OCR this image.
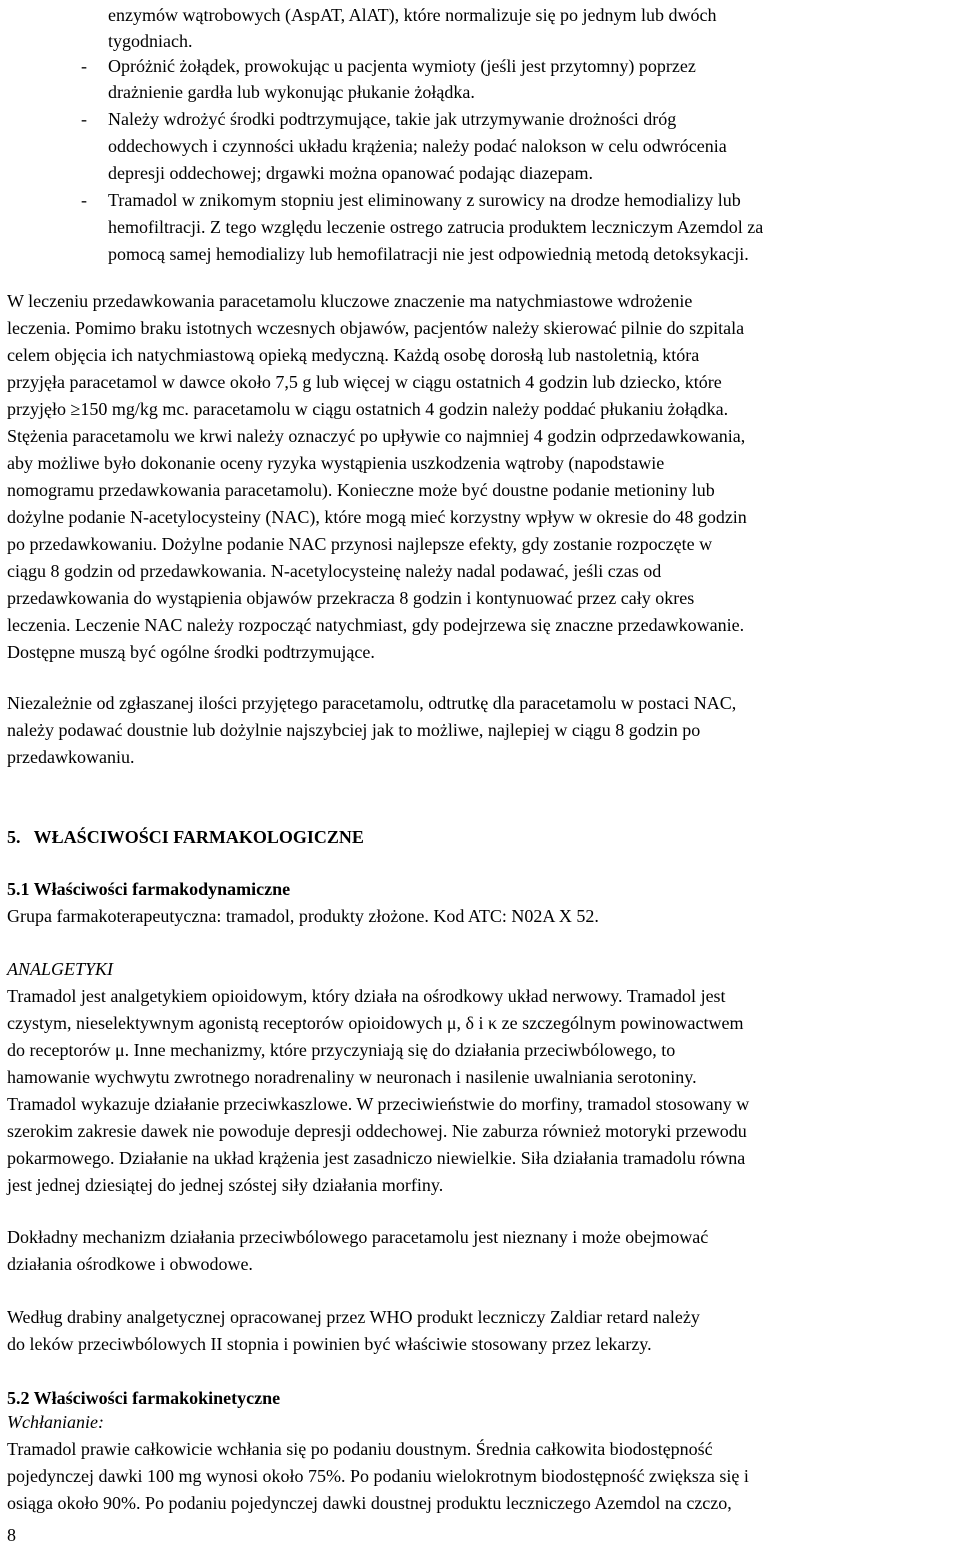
enzymów wątrobowych (AspAT, AlAT), które normalizuje się po jednym lub dwóch
tygodniach.
- Opróżnić żołądek, prowokując u pacjenta wymioty (jeśli jest przytomny) poprzez
drażnienie gardła lub wykonując płukanie żołądka.
- Należy wdrożyć środki podtrzymujące, takie jak utrzymywanie drożności dróg
oddechowych i czynności układu krążenia; należy podać nalokson w celu odwrócenia
depresji oddechowej; drgawki można opanować podając diazepam.
- Tramadol w znikomym stopniu jest eliminowany z surowicy na drodze hemodializy lub
hemofiltracji. Z tego względu leczenie ostrego zatrucia produktem leczniczym Azemdol za
pomocą samej hemodializy lub hemofilatracji nie jest odpowiednią metodą detoksykacji.
W leczeniu przedawkowania paracetamolu kluczowe znaczenie ma natychmiastowe wdrożenie
leczenia. Pomimo braku istotnych wczesnych objawów, pacjentów należy skierować pilnie do szpitala
celem objęcia ich natychmiastową opieką medyczną. Każdą osobę dorosłą lub nastoletnią, która
przyjęła paracetamol w dawce około 7,5 g lub więcej w ciągu ostatnich 4 godzin lub dziecko, które
przyjęło ≥150 mg/kg mc. paracetamolu w ciągu ostatnich 4 godzin należy poddać płukaniu żołądka.
Stężenia paracetamolu we krwi należy oznaczyć po upływie co najmniej 4 godzin odprzedawkowania,
aby możliwe było dokonanie oceny ryzyka wystąpienia uszkodzenia wątroby (napodstawie
nomogramu przedawkowania paracetamolu). Konieczne może być doustne podanie metioniny lub
dożylne podanie N-acetylocysteiny (NAC), które mogą mieć korzystny wpływ w okresie do 48 godzin
po przedawkowaniu. Dożylne podanie NAC przynosi najlepsze efekty, gdy zostanie rozpoczęte w
ciągu 8 godzin od przedawkowania. N-acetylocysteinę należy nadal podawać, jeśli czas od
przedawkowania do wystąpienia objawów przekracza 8 godzin i kontynuować przez cały okres
leczenia. Leczenie NAC należy rozpocząć natychmiast, gdy podejrzewa się znaczne przedawkowanie.
Dostępne muszą być ogólne środki podtrzymujące.
Niezależnie od zgłaszanej ilości przyjętego paracetamolu, odtrutkę dla paracetamolu w postaci NAC,
należy podawać doustnie lub dożylnie najszybciej jak to możliwe, najlepiej w ciągu 8 godzin po
przedawkowaniu.
5.   WŁAŚCIWOŚCI FARMAKOLOGICZNE
5.1 Właściwości farmakodynamiczne
Grupa farmakoterapeutyczna: tramadol, produkty złożone. Kod ATC: N02A X 52.
ANALGETYKI
Tramadol jest analgetykiem opioidowym, który działa na ośrodkowy układ nerwowy. Tramadol jest
czystym, nieselektywnym agonistą receptorów opioidowych μ, δ i κ ze szczególnym powinowactwem
do receptorów μ. Inne mechanizmy, które przyczyniają się do działania przeciwbólowego, to
hamowanie wychwytu zwrotnego noradrenaliny w neuronach i nasilenie uwalniania serotoniny.
Tramadol wykazuje działanie przeciwkaszlowe. W przeciwieństwie do morfiny, tramadol stosowany w
szerokim zakresie dawek nie powoduje depresji oddechowej. Nie zaburza również motoryki przewodu
pokarmowego. Działanie na układ krążenia jest zasadniczo niewielkie. Siła działania tramadolu równa
jest jednej dziesiątej do jednej szóstej siły działania morfiny.
Dokładny mechanizm działania przeciwbólowego paracetamolu jest nieznany i może obejmować
działania ośrodkowe i obwodowe.
Według drabiny analgetycznej opracowanej przez WHO produkt leczniczy Zaldiar retard należy
do leków przeciwbólowych II stopnia i powinien być właściwie stosowany przez lekarzy.
5.2 Właściwości farmakokinetyczne
Wchłanianie:
Tramadol prawie całkowicie wchłania się po podaniu doustnym. Średnia całkowita biodostępność
pojedynczej dawki 100 mg wynosi około 75%. Po podaniu wielokrotnym biodostępność zwiększa się i
osiąga około 90%. Po podaniu pojedynczej dawki doustnej produktu leczniczego Azemdol na czczo,
8
